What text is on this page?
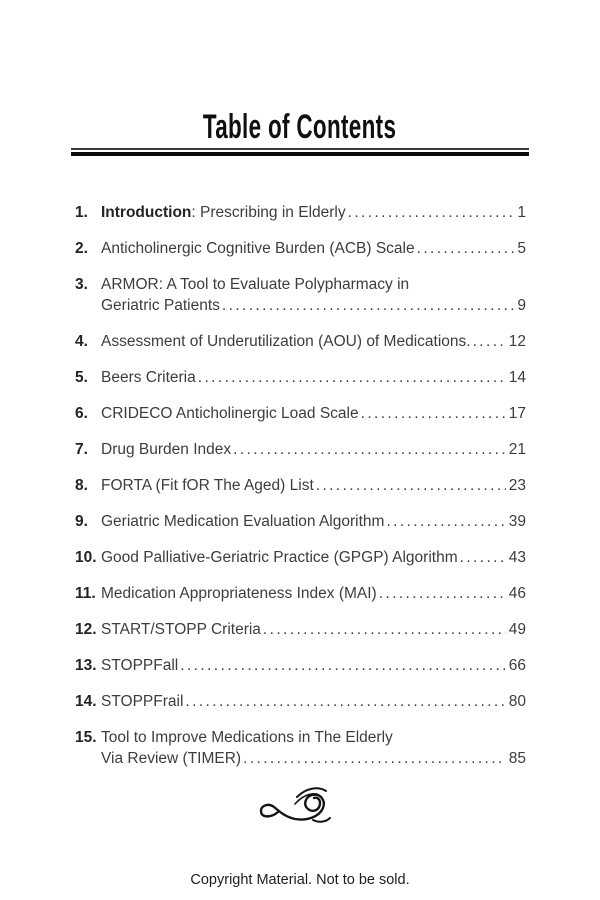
Table of Contents
1. Introduction: Prescribing in Elderly .....	1
2. Anticholinergic Cognitive Burden (ACB) Scale .....	5
3. ARMOR: A Tool to Evaluate Polypharmacy in
Geriatric Patients .....	9
4. Assessment of Underutilization (AOU) of Medications. ..... 12
5. Beers Criteria .....	14
6. CRIDECO Anticholinergic Load Scale .....	17
7. Drug Burden Index .....	21
8. FORTA (Fit fOR The Aged) List .....	23
9. Geriatric Medication Evaluation Algorithm .....	39
10. Good Palliative-Geriatric Practice (GPGP) Algorithm .....	43
11. Medication Appropriateness Index (MAI) .....	46
12. START/STOPP Criteria .....	49
13. STOPPFall .....	66
14. STOPPFrail .....	80
15. Tool to Improve Medications in The Elderly
Via Review (TIMER) .....	85
Copyright Material. Not to be sold.
